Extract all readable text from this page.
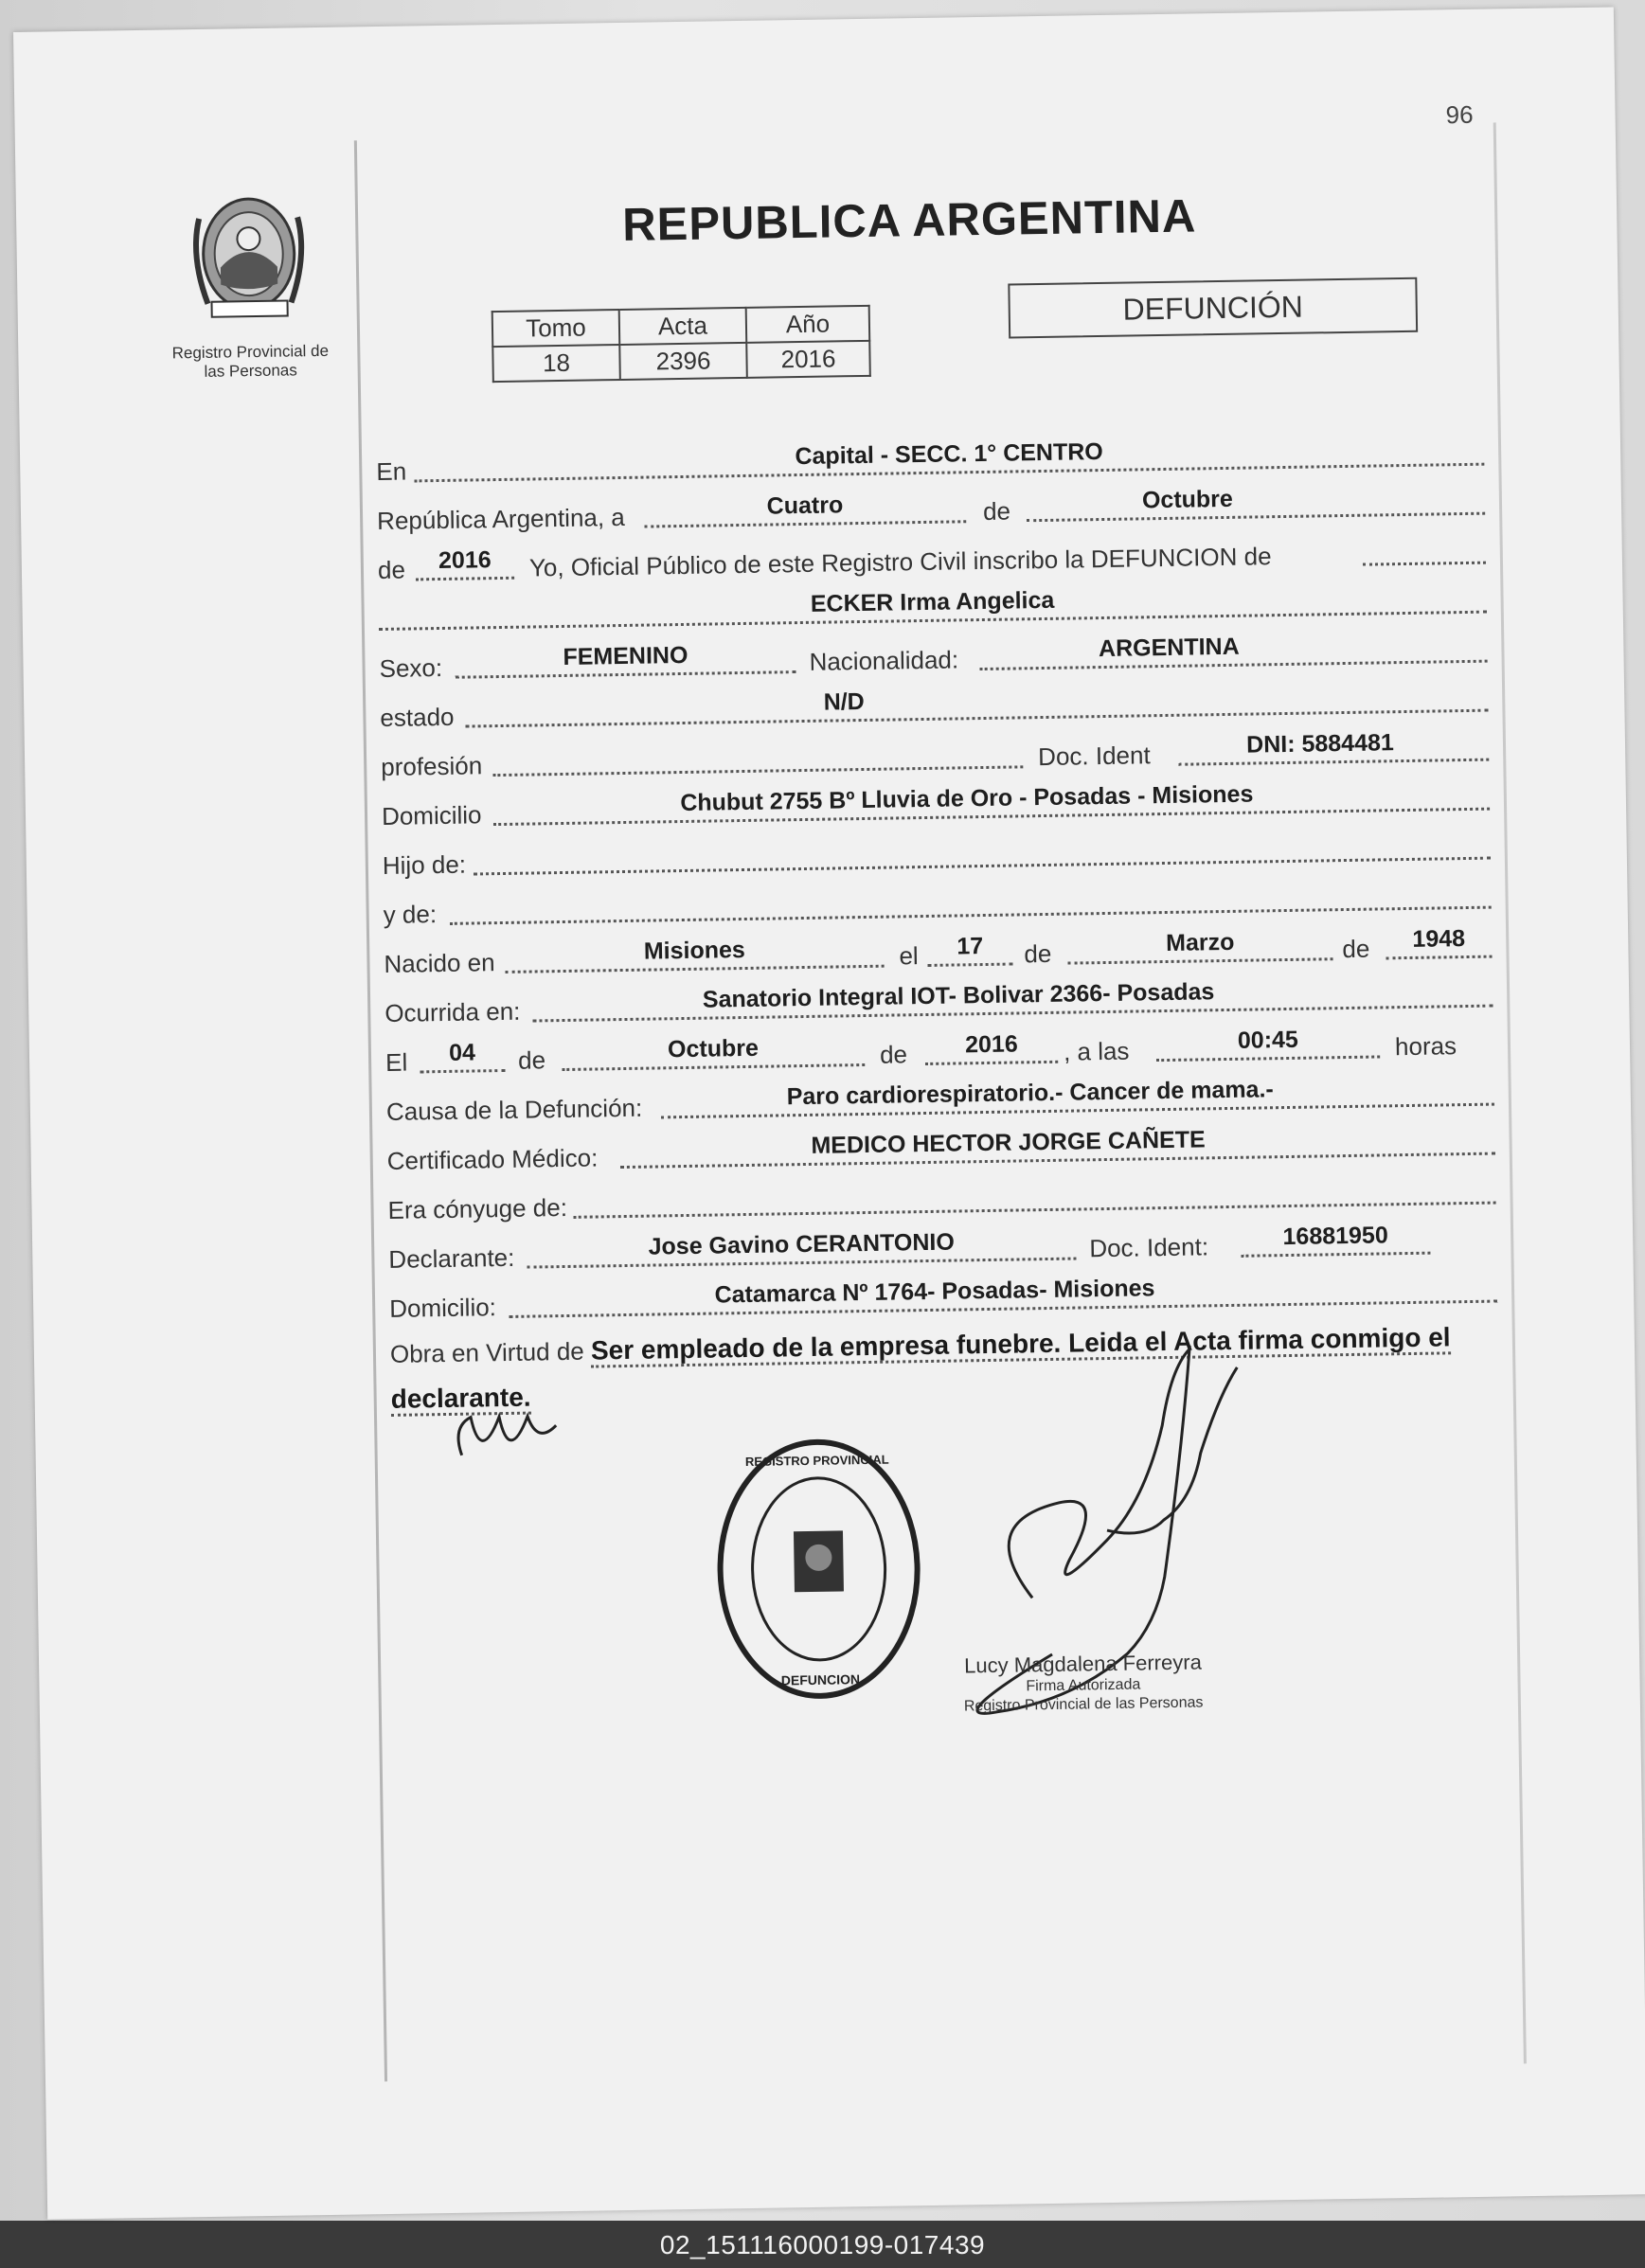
96
Registro Provincial de
las Personas
REPUBLICA ARGENTINA
Tomo	Acta	Año
18	2396	2016
DEFUNCIÓN
En
Capital - SECC. 1° CENTRO
República Argentina, a	Cuatro	de	Octubre
de	2016	Yo, Oficial Público de este Registro Civil inscribo la DEFUNCION de
ECKER Irma Angelica
Sexo:	FEMENINO	Nacionalidad:	ARGENTINA
estado
N/D
profesión	Doc. Ident	DNI: 5884481
Domicilio	Chubut 2755 Bº Lluvia de Oro - Posadas - Misiones
Hijo de:
y de:
Nacido en	Misiones	el	17	de	Marzo	de	1948
Ocurrida en:	Sanatorio Integral IOT- Bolivar 2366- Posadas
El	04	de	Octubre	de	2016	, a las	00:45	horas
Causa de la Defunción:	Paro cardiorespiratorio.- Cancer de mama.-
Certificado Médico:
MEDICO HECTOR JORGE CAÑETE
Era cónyuge de:
Declarante:	Jose Gavino CERANTONIO	Doc. Ident:	16881950
Domicilio:	Catamarca Nº 1764- Posadas- Misiones
Obra en Virtud de Ser empleado de la empresa funebre. Leida el Acta firma conmigo el declarante.
REGISTRO PROVINCIAL
DEFUNCION
Lucy Magdalena Ferreyra
Firma Autorizada
Registro Provincial de las Personas
02_151116000199-017439
